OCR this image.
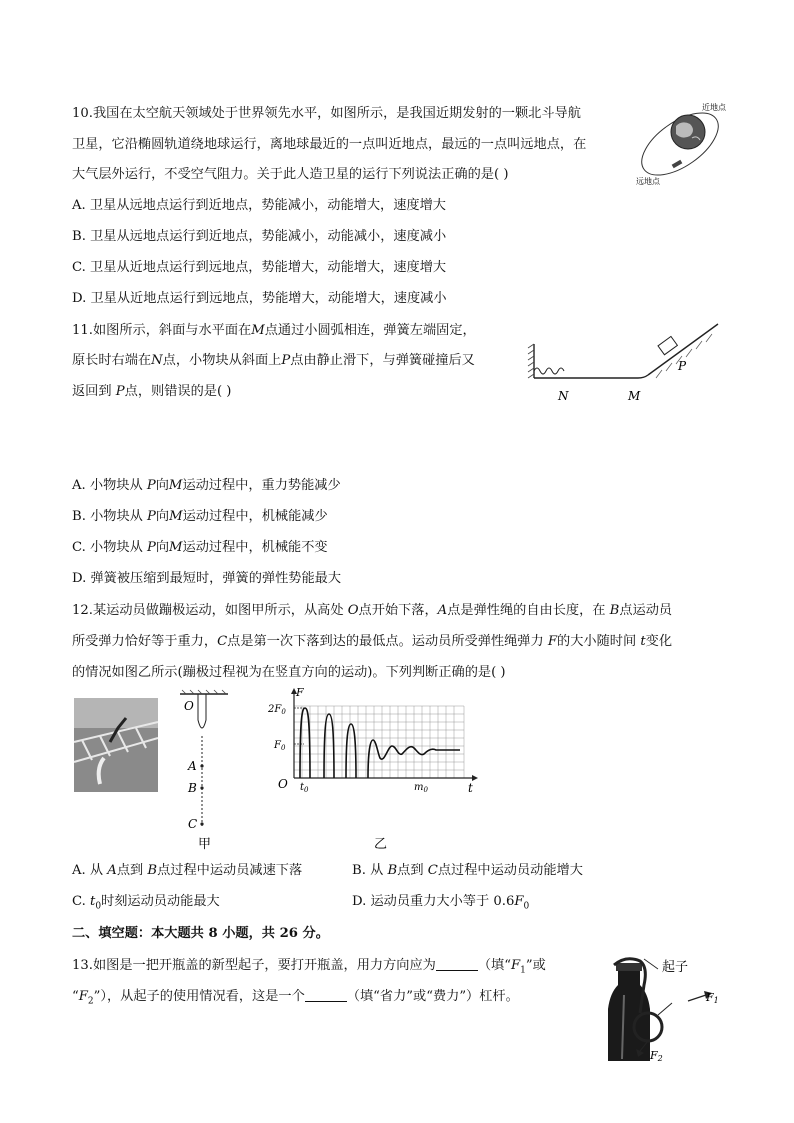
10.我国在太空航天领域处于世界领先水平，如图所示，是我国近期发射的一颗北斗导航
卫星，它沿椭圆轨道绕地球运行，离地球最近的一点叫近地点，最远的一点叫远地点，在
大气层外运行，不受空气阻力。关于此人造卫星的运行下列说法正确的是( )
A. 卫星从远地点运行到近地点，势能减小，动能增大，速度增大
B. 卫星从远地点运行到近地点，势能减小，动能减小，速度减小
C. 卫星从近地点运行到远地点，势能增大，动能增大，速度增大
D. 卫星从近地点运行到远地点，势能增大，动能增大，速度减小
近地点
远地点
11.如图所示，斜面与水平面在M点通过小圆弧相连，弹簧左端固定，
原长时右端在N点，小物块从斜面上P点由静止滑下，与弹簧碰撞后又
返回到 P点，则错误的是( )
P
N	M
A. 小物块从 P向M运动过程中，重力势能减少
B. 小物块从 P向M运动过程中，机械能减少
C. 小物块从 P向M运动过程中，机械能不变
D. 弹簧被压缩到最短时，弹簧的弹性势能最大
12.某运动员做蹦极运动，如图甲所示，从高处 O点开始下落，A点是弹性绳的自由长度，在 B点运动员
所受弹力恰好等于重力，C点是第一次下落到达的最低点。运动员所受弹性绳弹力 F的大小随时间 t变化
的情况如图乙所示(蹦极过程视为在竖直方向的运动)。下列判断正确的是( )
O
A
B
C
甲
$2F_0$
$F_0$
F
O	t
$t_0$	$m_0$
乙
A. 从 A点到 B点过程中运动员减速下落	B. 从 B点到 C点过程中运动员动能增大
C. $t_0$时刻运动员动能最大	D. 运动员重力大小等于 $0.6F_0$
二、填空题：本大题共 8 小题，共 26 分。
13.如图是一把开瓶盖的新型起子，要打开瓶盖，用力方向应为	（填“$F_1$”或
“$F_2$”），从起子的使用情况看，这是一个	（填“省力”或“费力”）杠杆。
起子
F1
F2
